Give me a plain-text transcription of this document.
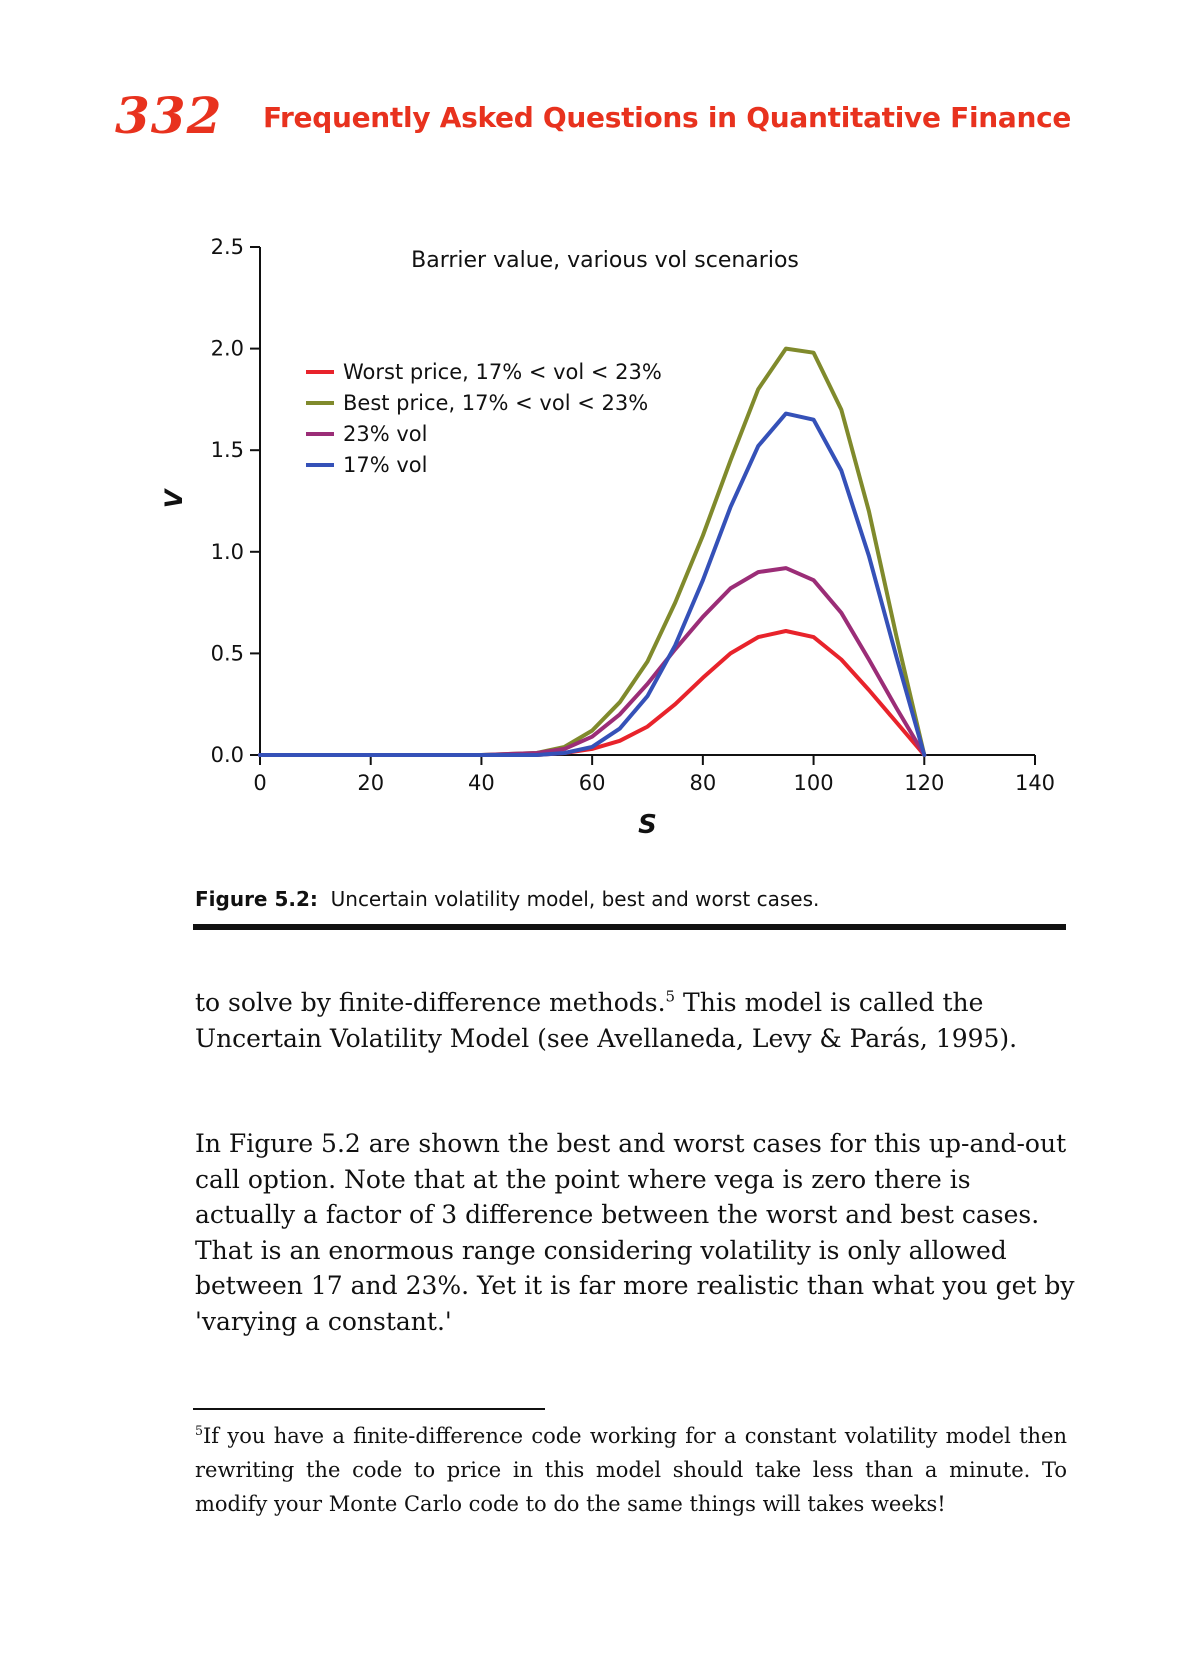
332 Frequently Asked Questions in Quantitative Finance
0.0
0.5
1.0
1.5
2.0
2.5
0	20	40	60	80	100	120	140
Worst price, 17% < vol < 23%
Best price, 17% < vol < 23%
23% vol
17% vol
Barrier value, various vol scenarios
S
V
Figure 5.2: Uncertain volatility model, best and worst cases.

to solve by finite-difference methods.$^5$ This model is called the Uncertain Volatility Model (see Avellaneda, Levy & Parás, 1995).

In Figure 5.2 are shown the best and worst cases for this up-and-out call option. Note that at the point where vega is zero there is actually a factor of 3 difference between the worst and best cases. That is an enormous range considering volatility is only allowed between 17 and 23%. Yet it is far more realistic than what you get by 'varying a constant.'

$^5$If you have a finite-difference code working for a constant volatility model then rewriting the code to price in this model should take less than a minute. To modify your Monte Carlo code to do the same things will takes weeks!
